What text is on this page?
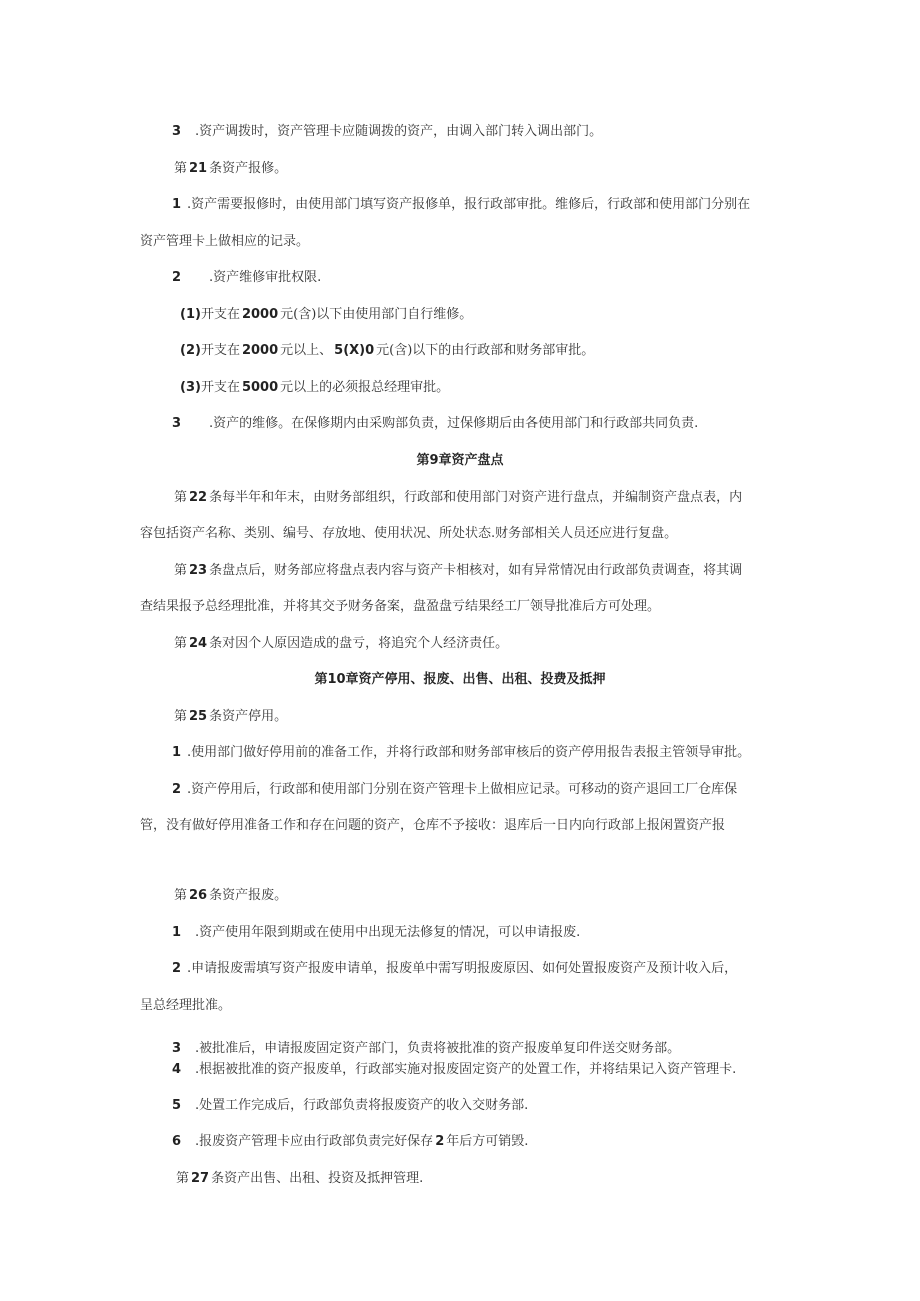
3 .资产调拨时，资产管理卡应随调拨的资产，由调入部门转入调出部门。
第 21 条资产报修。
1 .资产需要报修时，由使用部门填写资产报修单，报行政部审批。维修后，行政部和使用部门分别在
资产管理卡上做相应的记录。
2 .资产维修审批权限.
(1)开支在 2000 元(含)以下由使用部门自行维修。
(2)开支在 2000 元以上、 5(X)0 元(含)以下的由行政部和财务部审批。
(3)开支在 5000 元以上的必须报总经理审批。
3 .资产的维修。在保修期内由采购部负责，过保修期后由各使用部门和行政部共同负责.
第9章资产盘点
第 22 条每半年和年末，由财务部组织，行政部和使用部门对资产进行盘点，并编制资产盘点表，内
容包括资产名称、类别、编号、存放地、使用状况、所处状态.财务部相关人员还应进行复盘。
第 23 条盘点后，财务部应将盘点表内容与资产卡相核对，如有异常情况由行政部负责调查，将其调
查结果报予总经理批准，并将其交予财务备案，盘盈盘亏结果经工厂领导批准后方可处理。
第 24 条对因个人原因造成的盘亏，将追究个人经济责任。
第10章资产停用、报废、出售、出租、投费及抵押
第 25 条资产停用。
1 .使用部门做好停用前的准备工作，并将行政部和财务部审核后的资产停用报告表报主管领导审批。
2 .资产停用后，行政部和使用部门分别在资产管理卡上做相应记录。可移动的资产退回工厂仓库保
管，没有做好停用准备工作和存在问题的资产，仓库不予接收：退库后一日内向行政部上报闲置资产报
第 26 条资产报废。
1 .资产使用年限到期或在使用中出现无法修复的情况，可以申请报废.
2 .申请报废需填写资产报废申请单，报废单中需写明报废原因、如何处置报废资产及预计收入后，
呈总经理批准。
3 .被批准后，申请报废固定资产部门，负责将被批准的资产报废单复印件送交财务部。
4 .根据被批准的资产报废单，行政部实施对报废固定资产的处置工作，并将结果记入资产管理卡.
5 .处置工作完成后，行政部负责将报废资产的收入交财务部.
6 .报废资产管理卡应由行政部负责完好保存 2 年后方可销毁.
第 27 条资产出售、出租、投资及抵押管理.
